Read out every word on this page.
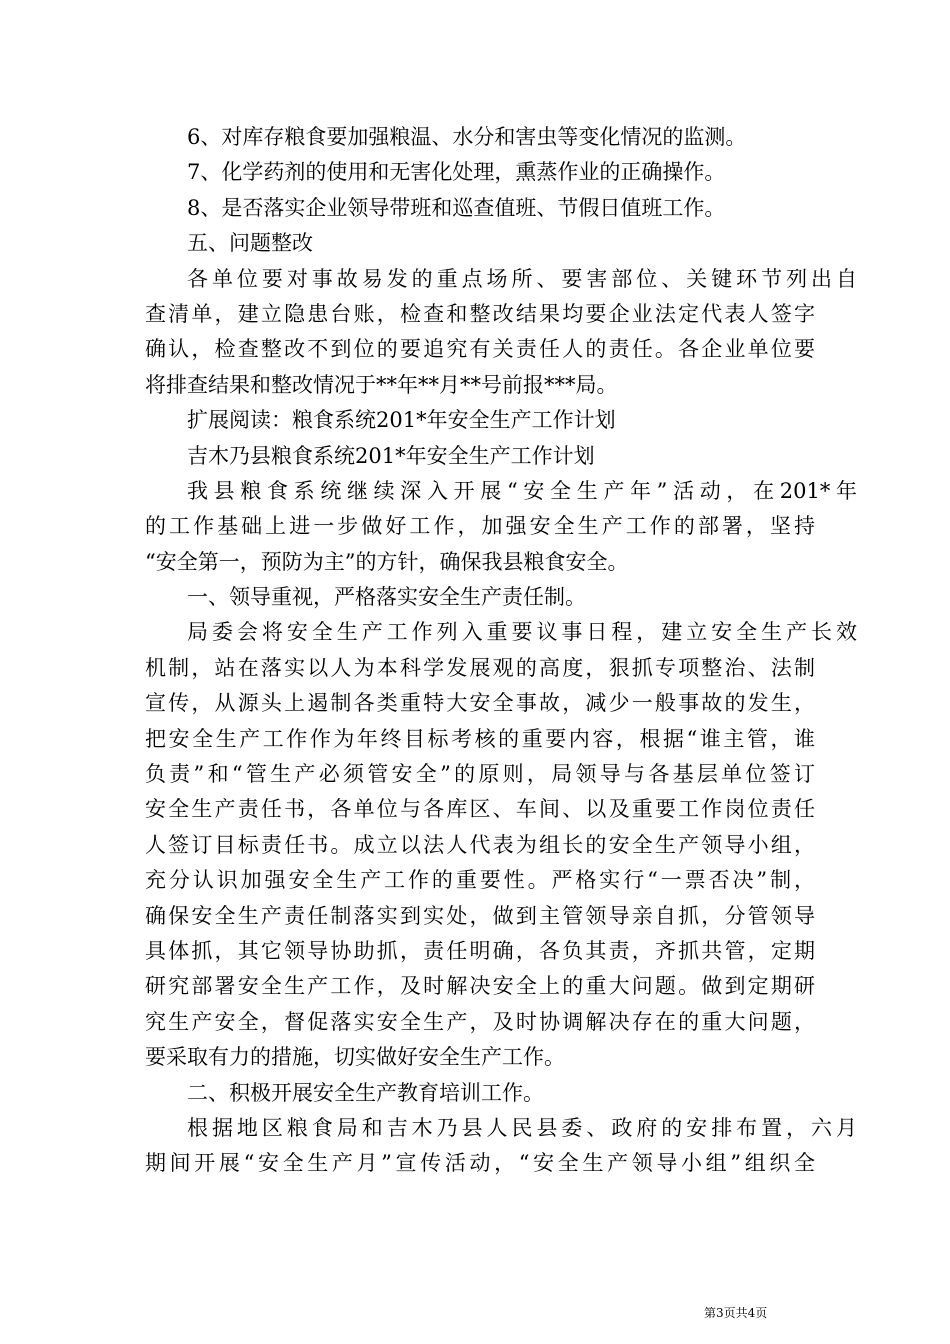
6、对库存粮食要加强粮温、水分和害虫等变化情况的监测。
7、化学药剂的使用和无害化处理，熏蒸作业的正确操作。
8、是否落实企业领导带班和巡查值班、节假日值班工作。
五、问题整改
各单位要对事故易发的重点场所、要害部位、关键环节列出自
查清单，建立隐患台账，检查和整改结果均要企业法定代表人签字
确认，检查整改不到位的要追究有关责任人的责任。各企业单位要
将排查结果和整改情况于**年**月**号前报***局。
扩展阅读：粮食系统201*年安全生产工作计划
吉木乃县粮食系统201*年安全生产工作计划
我县粮食系统继续深入开展“安全生产年”活动，在201*年
的工作基础上进一步做好工作，加强安全生产工作的部署，坚持
“安全第一，预防为主”的方针，确保我县粮食安全。
一、领导重视，严格落实安全生产责任制。
局委会将安全生产工作列入重要议事日程，建立安全生产长效
机制，站在落实以人为本科学发展观的高度，狠抓专项整治、法制
宣传，从源头上遏制各类重特大安全事故，减少一般事故的发生，
把安全生产工作作为年终目标考核的重要内容，根据“谁主管，谁
负责”和“管生产必须管安全”的原则，局领导与各基层单位签订
安全生产责任书，各单位与各库区、车间、以及重要工作岗位责任
人签订目标责任书。成立以法人代表为组长的安全生产领导小组，
充分认识加强安全生产工作的重要性。严格实行“一票否决”制，
确保安全生产责任制落实到实处，做到主管领导亲自抓，分管领导
具体抓，其它领导协助抓，责任明确，各负其责，齐抓共管，定期
研究部署安全生产工作，及时解决安全上的重大问题。做到定期研
究生产安全，督促落实安全生产，及时协调解决存在的重大问题，
要采取有力的措施，切实做好安全生产工作。
二、积极开展安全生产教育培训工作。
根据地区粮食局和吉木乃县人民县委、政府的安排布置，六月
期间开展“安全生产月”宣传活动，“安全生产领导小组”组织全
第3页共4页
